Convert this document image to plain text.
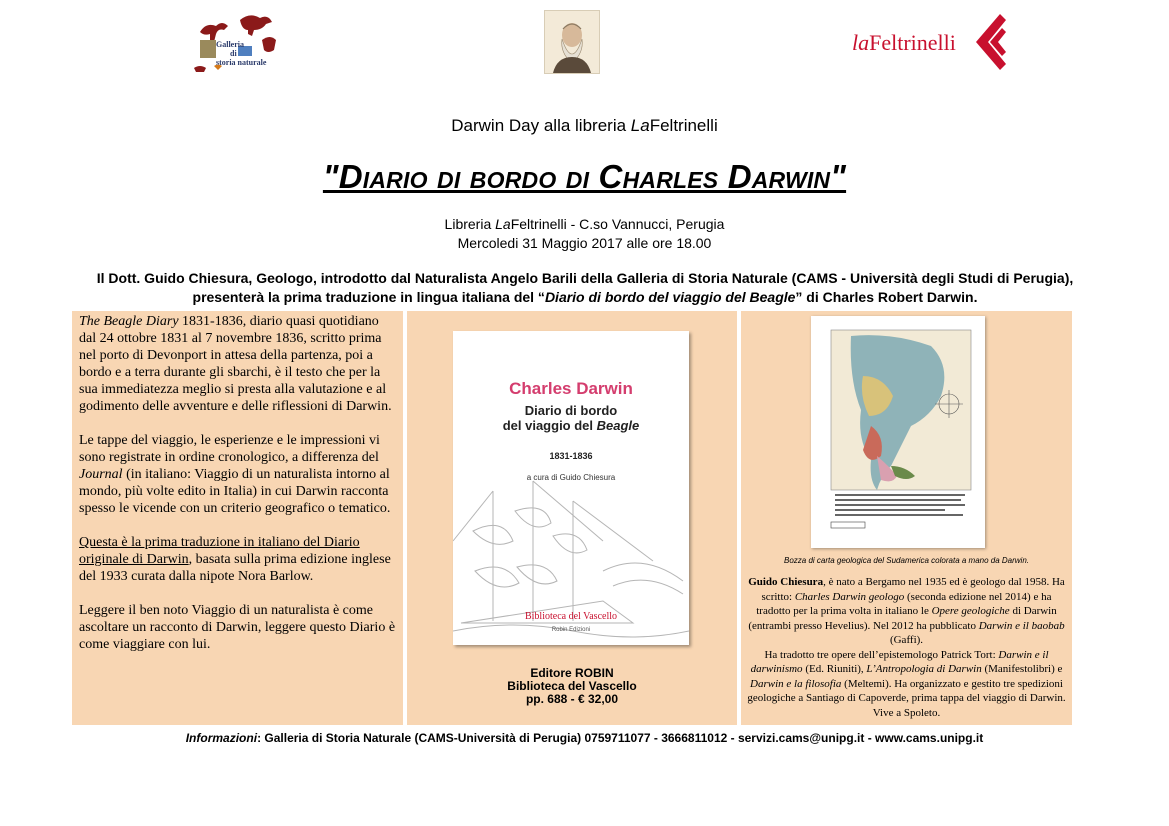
Galleria
di
storia naturale
laFeltrinelli
Darwin Day alla libreria LaFeltrinelli
"Diario di bordo di Charles Darwin"
Libreria LaFeltrinelli - C.so Vannucci, Perugia
Mercoledi 31 Maggio 2017 alle ore 18.00
Il Dott. Guido Chiesura, Geologo, introdotto dal Naturalista Angelo Barili della Galleria di Storia Naturale (CAMS - Università degli Studi di Perugia), presenterà la prima traduzione in lingua italiana del “Diario di bordo del viaggio del Beagle” di Charles Robert Darwin.

The Beagle Diary 1831-1836, diario quasi quotidiano dal 24 ottobre 1831 al 7 novembre 1836, scritto prima nel porto di Devonport in attesa della partenza, poi a bordo e a terra durante gli sbarchi, è il testo che per la sua immediatezza meglio si presta alla valutazione e al godimento delle avventure e delle riflessioni di Darwin.

Le tappe del viaggio, le esperienze e le impressioni vi sono registrate in ordine cronologico, a differenza del Journal (in italiano: Viaggio di un naturalista intorno al mondo, più volte edito in Italia) in cui Darwin racconta spesso le vicende con un criterio geografico o tematico.

Questa è la prima traduzione in italiano del Diario originale di Darwin, basata sulla prima edizione inglese del 1933 curata dalla nipote Nora Barlow.

Leggere il ben noto Viaggio di un naturalista è come ascoltare un racconto di Darwin, leggere questo Diario è come viaggiare con lui.

Charles Darwin
Diario di bordo
del viaggio del Beagle
1831-1836
a cura di Guido Chiesura
Biblioteca del Vascello
Robin Edizioni
Editore ROBIN
Biblioteca del Vascello
pp. 688 - € 32,00
Bozza di carta geologica del Sudamerica colorata a mano da Darwin.
Guido Chiesura, è nato a Bergamo nel 1935 ed è geologo dal 1958. Ha scritto: Charles Darwin geologo (seconda edizione nel 2014) e ha tradotto per la prima volta in italiano le Opere geologiche di Darwin (entrambi presso Hevelius). Nel 2012 ha pubblicato Darwin e il baobab (Gaffi).
Ha tradotto tre opere dell’epistemologo Patrick Tort: Darwin e il darwinismo (Ed. Riuniti), L’Antropologia di Darwin (Manifestolibri) e Darwin e la filosofia (Meltemi). Ha organizzato e gestito tre spedizioni geologiche a Santiago di Capoverde, prima tappa del viaggio di Darwin. Vive a Spoleto.
Informazioni: Galleria di Storia Naturale (CAMS-Università di Perugia) 0759711077 - 3666811012 - servizi.cams@unipg.it - www.cams.unipg.it
